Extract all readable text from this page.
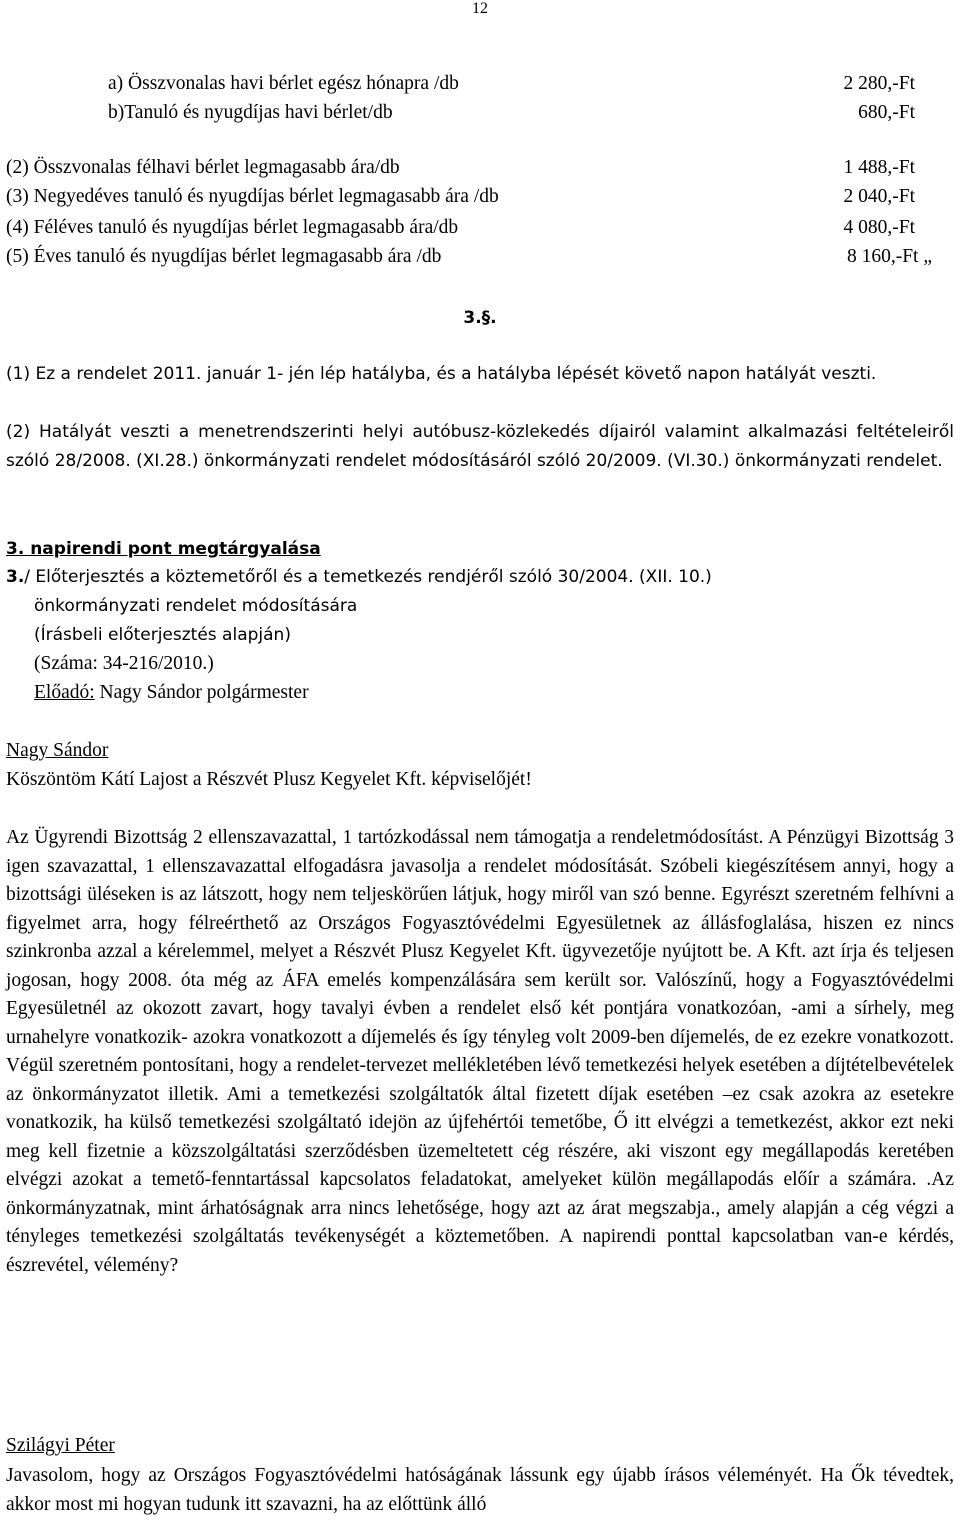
12
a) Összvonalas havi bérlet egész hónapra /db	2 280,-Ft
b)Tanuló és nyugdíjas havi bérlet/db	680,-Ft
(2) Összvonalas félhavi bérlet legmagasabb ára/db	1 488,-Ft
(3) Negyedéves tanuló és nyugdíjas bérlet legmagasabb ára /db	2 040,-Ft
(4) Féléves tanuló és nyugdíjas bérlet legmagasabb ára/db	4 080,-Ft
(5) Éves tanuló és nyugdíjas bérlet legmagasabb ára /db	8 160,-Ft „
3.§.
(1) Ez a rendelet 2011. január 1- jén lép hatályba, és a hatályba lépését követő napon hatályát veszti.
(2) Hatályát veszti a menetrendszerinti helyi autóbusz-közlekedés díjairól valamint alkalmazási feltételeiről szóló 28/2008. (XI.28.) önkormányzati rendelet módosításáról szóló 20/2009. (VI.30.) önkormányzati rendelet.
3. napirendi pont megtárgyalása
3./ Előterjesztés a köztemetőről és a temetkezés rendjéről szóló 30/2004. (XII. 10.)
önkormányzati rendelet módosítására
(Írásbeli előterjesztés alapján)
(Száma: 34-216/2010.)
Előadó: Nagy Sándor polgármester
Nagy Sándor
Köszöntöm Kátí Lajost a Részvét Plusz Kegyelet Kft. képviselőjét!
Az Ügyrendi Bizottság 2 ellenszavazattal, 1 tartózkodással nem támogatja a rendeletmódosítást. A Pénzügyi Bizottság 3 igen szavazattal, 1 ellenszavazattal elfogadásra javasolja a rendelet módosítását. Szóbeli kiegészítésem annyi, hogy a bizottsági üléseken is az látszott, hogy nem teljeskörűen látjuk, hogy miről van szó benne. Egyrészt szeretném felhívni a figyelmet arra, hogy félreérthető az Országos Fogyasztóvédelmi Egyesületnek az állásfoglalása, hiszen ez nincs szinkronba azzal a kérelemmel, melyet a Részvét Plusz Kegyelet Kft. ügyvezetője nyújtott be. A Kft. azt írja és teljesen jogosan, hogy 2008. óta még az ÁFA emelés kompenzálására sem került sor. Valószínű, hogy a Fogyasztóvédelmi Egyesületnél az okozott zavart, hogy tavalyi évben a rendelet első két pontjára vonatkozóan, -ami a sírhely, meg urnahelyre vonatkozik- azokra vonatkozott a díjemelés és így tényleg volt 2009-ben díjemelés, de ez ezekre vonatkozott. Végül szeretném pontosítani, hogy a rendelet-tervezet mellékletében lévő temetkezési helyek esetében a díjtételbevételek az önkormányzatot illetik. Ami a temetkezési szolgáltatók által fizetett díjak esetében –ez csak azokra az esetekre vonatkozik, ha külső temetkezési szolgáltató idejön az újfehértói temetőbe, Ő itt elvégzi a temetkezést, akkor ezt neki meg kell fizetnie a közszolgáltatási szerződésben üzemeltetett cég részére, aki viszont egy megállapodás keretében elvégzi azokat a temető-fenntartással kapcsolatos feladatokat, amelyeket külön megállapodás előír a számára. .Az önkormányzatnak, mint árhatóságnak arra nincs lehetősége, hogy azt az árat megszabja., amely alapján a cég végzi a tényleges temetkezési szolgáltatás tevékenységét a köztemetőben. A napirendi ponttal kapcsolatban van-e kérdés, észrevétel, vélemény?
Szilágyi Péter
Javasolom, hogy az Országos Fogyasztóvédelmi hatóságának lássunk egy újabb írásos véleményét. Ha Ők tévedtek, akkor most mi hogyan tudunk itt szavazni, ha az előttünk álló
